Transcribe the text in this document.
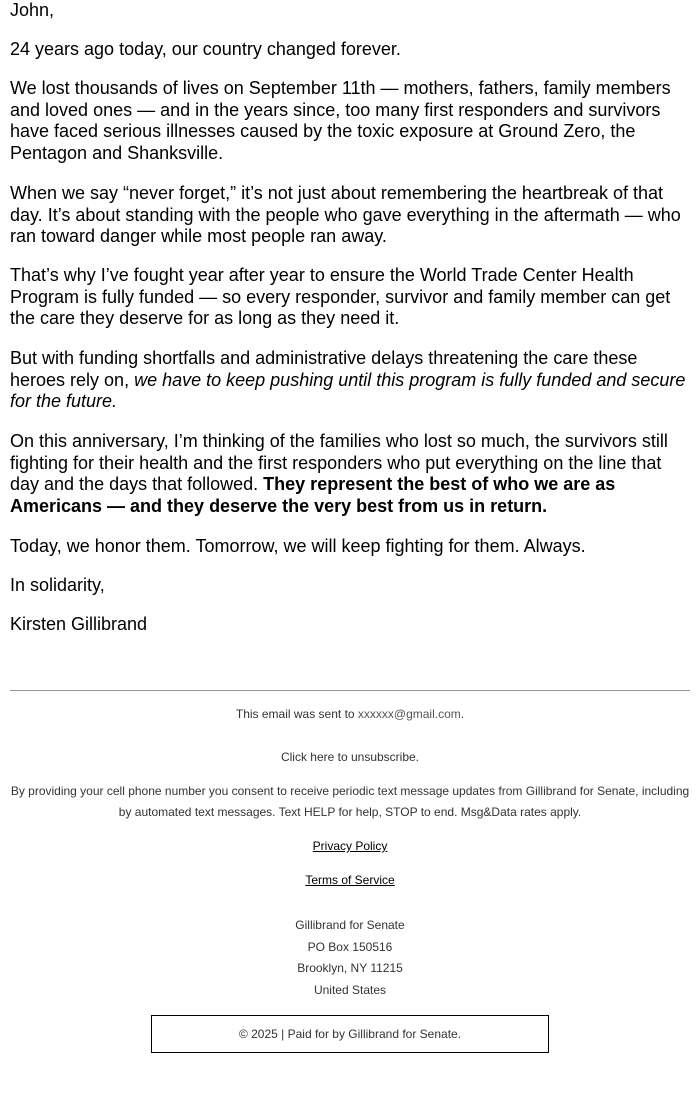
John,

24 years ago today, our country changed forever.

We lost thousands of lives on September 11th — mothers, fathers, family members and loved ones — and in the years since, too many first responders and survivors have faced serious illnesses caused by the toxic exposure at Ground Zero, the Pentagon and Shanksville.

When we say “never forget,” it’s not just about remembering the heartbreak of that day. It’s about standing with the people who gave everything in the aftermath — who ran toward danger while most people ran away.

That’s why I’ve fought year after year to ensure the World Trade Center Health Program is fully funded — so every responder, survivor and family member can get the care they deserve for as long as they need it.

But with funding shortfalls and administrative delays threatening the care these heroes rely on, we have to keep pushing until this program is fully funded and secure for the future.

On this anniversary, I’m thinking of the families who lost so much, the survivors still fighting for their health and the first responders who put everything on the line that day and the days that followed. They represent the best of who we are as Americans — and they deserve the very best from us in return.

Today, we honor them. Tomorrow, we will keep fighting for them. Always.

In solidarity,

Kirsten Gillibrand

This email was sent to xxxxxx@gmail.com.
Click here to unsubscribe.
By providing your cell phone number you consent to receive periodic text message updates from Gillibrand for Senate, including by automated text messages. Text HELP for help, STOP to end. Msg&Data rates apply.
Privacy Policy
Terms of Service
Gillibrand for Senate
PO Box 150516
Brooklyn, NY 11215
United States
© 2025 | Paid for by Gillibrand for Senate.
